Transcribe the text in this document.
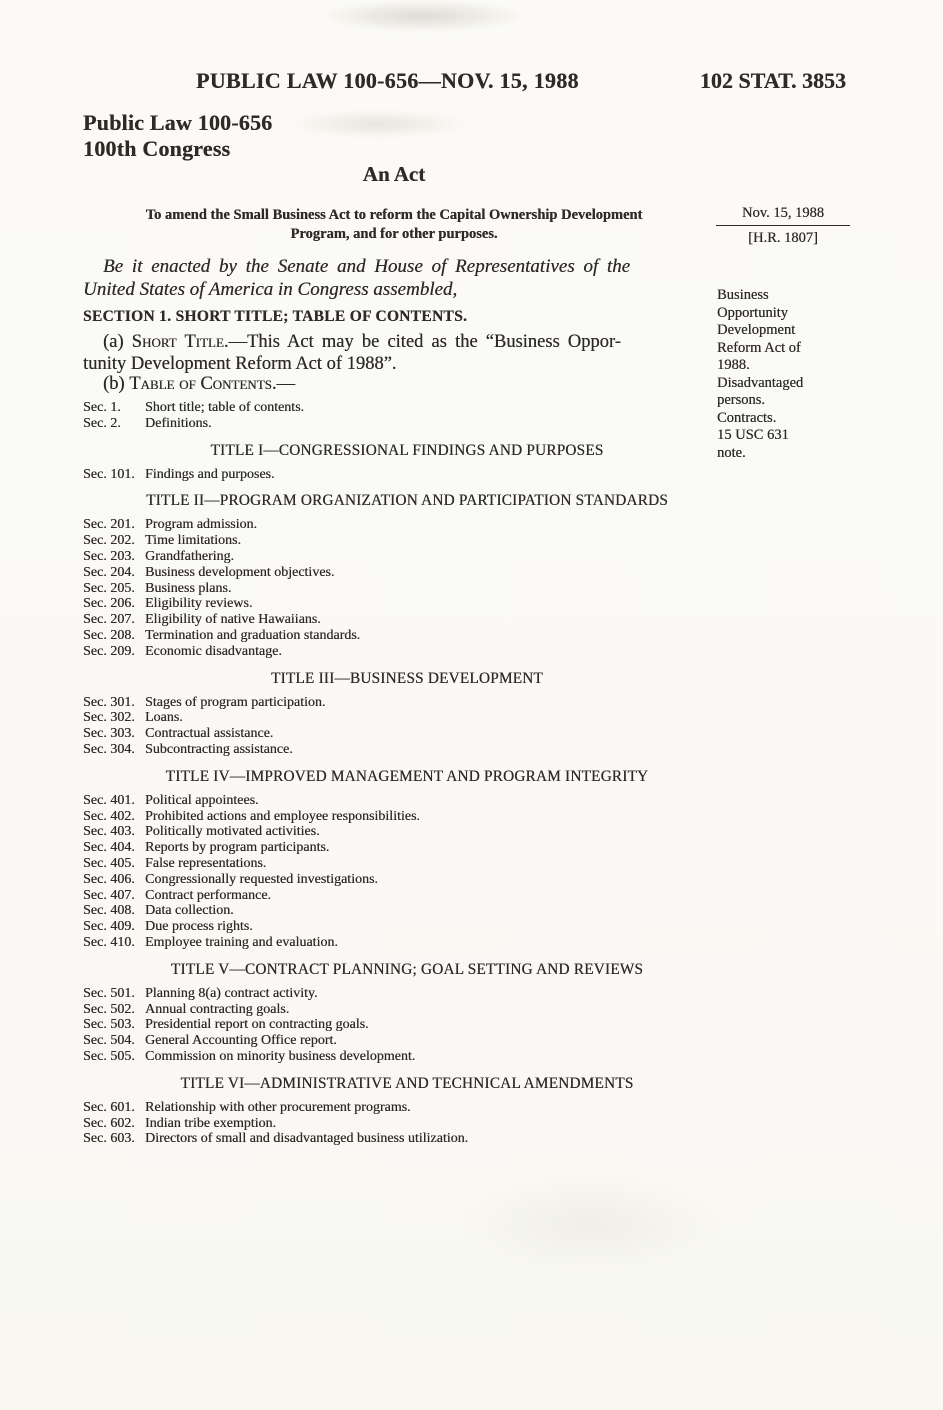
PUBLIC LAW 100-656—NOV. 15, 1988	102 STAT. 3853
Public Law 100-656
100th Congress
An Act
To amend the Small Business Act to reform the Capital Ownership Development
Program, and for other purposes.
Nov. 15, 1988
[H.R. 1807]
Be it enacted by the Senate and House of Representatives of the
United States of America in Congress assembled,	Business
Opportunity
Development
Reform Act of
1988.
Disadvantaged
persons.
Contracts.
15 USC 631
note.
SECTION 1. SHORT TITLE; TABLE OF CONTENTS.
(a) Short Title.—This Act may be cited as the “Business Oppor-
tunity Development Reform Act of 1988”.
(b) Table of Contents.—
Sec. 1. Short title; table of contents.
Sec. 2. Definitions.
TITLE I—CONGRESSIONAL FINDINGS AND PURPOSES
Sec. 101. Findings and purposes.
TITLE II—PROGRAM ORGANIZATION AND PARTICIPATION STANDARDS
Sec. 201. Program admission.
Sec. 202. Time limitations.
Sec. 203. Grandfathering.
Sec. 204. Business development objectives.
Sec. 205. Business plans.
Sec. 206. Eligibility reviews.
Sec. 207. Eligibility of native Hawaiians.
Sec. 208. Termination and graduation standards.
Sec. 209. Economic disadvantage.
TITLE III—BUSINESS DEVELOPMENT
Sec. 301. Stages of program participation.
Sec. 302. Loans.
Sec. 303. Contractual assistance.
Sec. 304. Subcontracting assistance.
TITLE IV—IMPROVED MANAGEMENT AND PROGRAM INTEGRITY
Sec. 401. Political appointees.
Sec. 402. Prohibited actions and employee responsibilities.
Sec. 403. Politically motivated activities.
Sec. 404. Reports by program participants.
Sec. 405. False representations.
Sec. 406. Congressionally requested investigations.
Sec. 407. Contract performance.
Sec. 408. Data collection.
Sec. 409. Due process rights.
Sec. 410. Employee training and evaluation.
TITLE V—CONTRACT PLANNING; GOAL SETTING AND REVIEWS
Sec. 501. Planning 8(a) contract activity.
Sec. 502. Annual contracting goals.
Sec. 503. Presidential report on contracting goals.
Sec. 504. General Accounting Office report.
Sec. 505. Commission on minority business development.
TITLE VI—ADMINISTRATIVE AND TECHNICAL AMENDMENTS
Sec. 601. Relationship with other procurement programs.
Sec. 602. Indian tribe exemption.
Sec. 603. Directors of small and disadvantaged business utilization.
